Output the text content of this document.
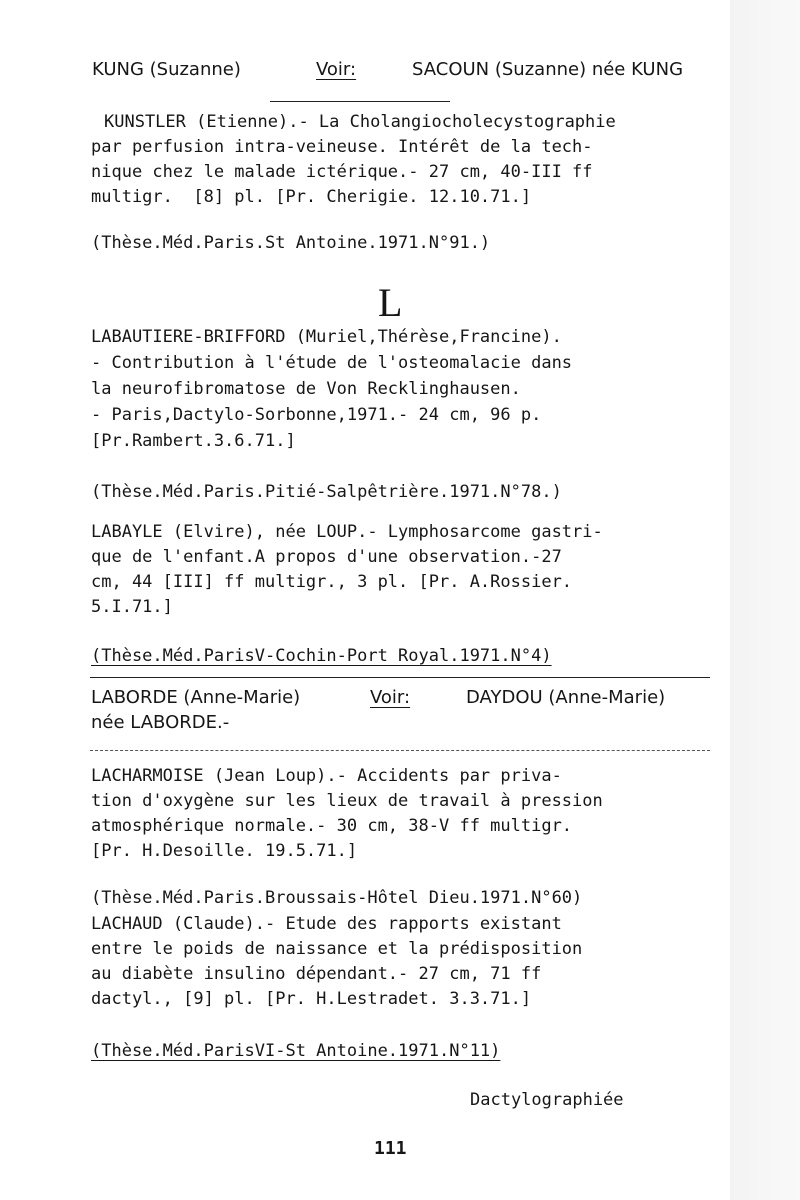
KUNG (Suzanne)	Voir:	SACOUN (Suzanne) née KUNG
KUNSTLER (Etienne).- La Cholangiocholecystographie
par perfusion intra-veineuse. Intérêt de la tech-
nique chez le malade ictérique.- 27 cm, 40-III ff
multigr.  [8] pl. [Pr. Cherigie. 12.10.71.]
(Thèse.Méd.Paris.St Antoine.1971.N°91.)
L
LABAUTIERE-BRIFFORD (Muriel,Thérèse,Francine).
- Contribution à l'étude de l'osteomalacie dans
la neurofibromatose de Von Recklinghausen.
- Paris,Dactylo-Sorbonne,1971.- 24 cm, 96 p.
[Pr.Rambert.3.6.71.]
(Thèse.Méd.Paris.Pitié-Salpêtrière.1971.N°78.)
LABAYLE (Elvire), née LOUP.- Lymphosarcome gastri-
que de l'enfant.A propos d'une observation.-27
cm, 44 [III] ff multigr., 3 pl. [Pr. A.Rossier.
5.I.71.]
(Thèse.Méd.ParisV-Cochin-Port Royal.1971.N°4)
LABORDE (Anne-Marie)	Voir:	DAYDOU (Anne-Marie)
née LABORDE.-
LACHARMOISE (Jean Loup).- Accidents par priva-
tion d'oxygène sur les lieux de travail à pression
atmosphérique normale.- 30 cm, 38-V ff multigr.
[Pr. H.Desoille. 19.5.71.]
(Thèse.Méd.Paris.Broussais-Hôtel Dieu.1971.N°60)
LACHAUD (Claude).- Etude des rapports existant
entre le poids de naissance et la prédisposition
au diabète insulino dépendant.- 27 cm, 71 ff
dactyl., [9] pl. [Pr. H.Lestradet. 3.3.71.]
(Thèse.Méd.ParisVI-St Antoine.1971.N°11)
Dactylographiée
111
